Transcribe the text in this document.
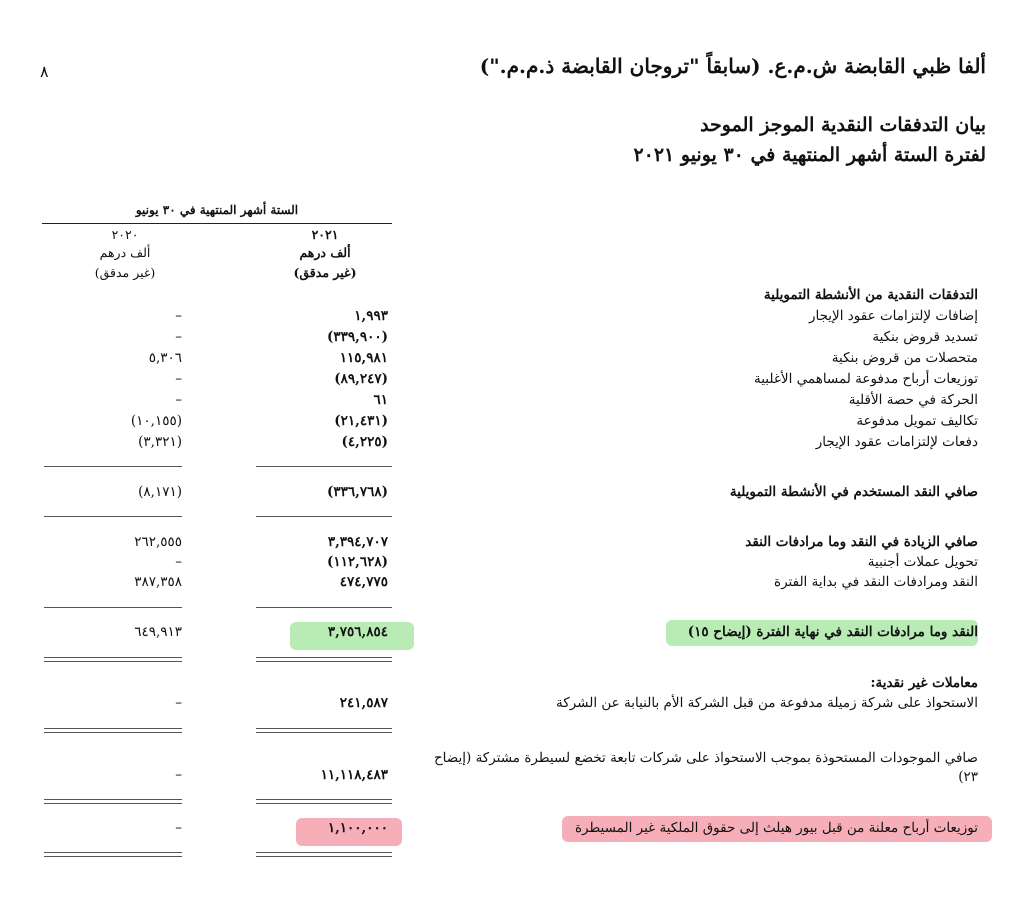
٨	ألفا ظبي القابضة ش.م.ع. (سابقاً "تروجان القابضة ذ.م.م.")
بيان التدفقات النقدية الموجز الموحد
لفترة الستة أشهر المنتهية في ٣٠ يونيو ٢٠٢١
الستة أشهر المنتهية في ٣٠ يونيو
٢٠٢١
ألف درهم
(غير مدقق)
٢٠٢٠
ألف درهم
(غير مدقق)
التدفقات النقدية من الأنشطة التمويلية
إضافات لإلتزامات عقود الإيجار
١,٩٩٣
–
تسديد قروض بنكية
(٣٣٩,٩٠٠)
–
متحصلات من قروض بنكية
١١٥,٩٨١
٥,٣٠٦
توزيعات أرباح مدفوعة لمساهمي الأغلبية
(٨٩,٢٤٧)
–
الحركة في حصة الأقلية
٦١
–
تكاليف تمويل مدفوعة
(٢١,٤٣١)
(١٠,١٥٥)
دفعات لإلتزامات عقود الإيجار
(٤,٢٢٥)
(٣,٣٢١)
صافي النقد المستخدم في الأنشطة التمويلية
(٣٣٦,٧٦٨)
(٨,١٧١)
صافي الزيادة في النقد وما مرادفات النقد
٣,٣٩٤,٧٠٧
٢٦٢,٥٥٥
تحويل عملات أجنبية
(١١٢,٦٢٨)
–
النقد ومرادفات النقد في بداية الفترة
٤٧٤,٧٧٥
٣٨٧,٣٥٨
النقد وما مرادفات النقد في نهاية الفترة (إيضاح ١٥)
٣,٧٥٦,٨٥٤
٦٤٩,٩١٣
معاملات غير نقدية:
الاستحواذ على شركة زميلة مدفوعة من قبل الشركة الأم بالنيابة عن الشركة
٢٤١,٥٨٧
–
صافي الموجودات المستحوذة بموجب الاستحواذ على شركات تابعة تخضع لسيطرة مشتركة (إيضاح
٢٣)
١١,١١٨,٤٨٣
–
توزيعات أرباح معلنة من قبل بيور هيلث إلى حقوق الملكية غير المسيطرة
١,١٠٠,٠٠٠
–
